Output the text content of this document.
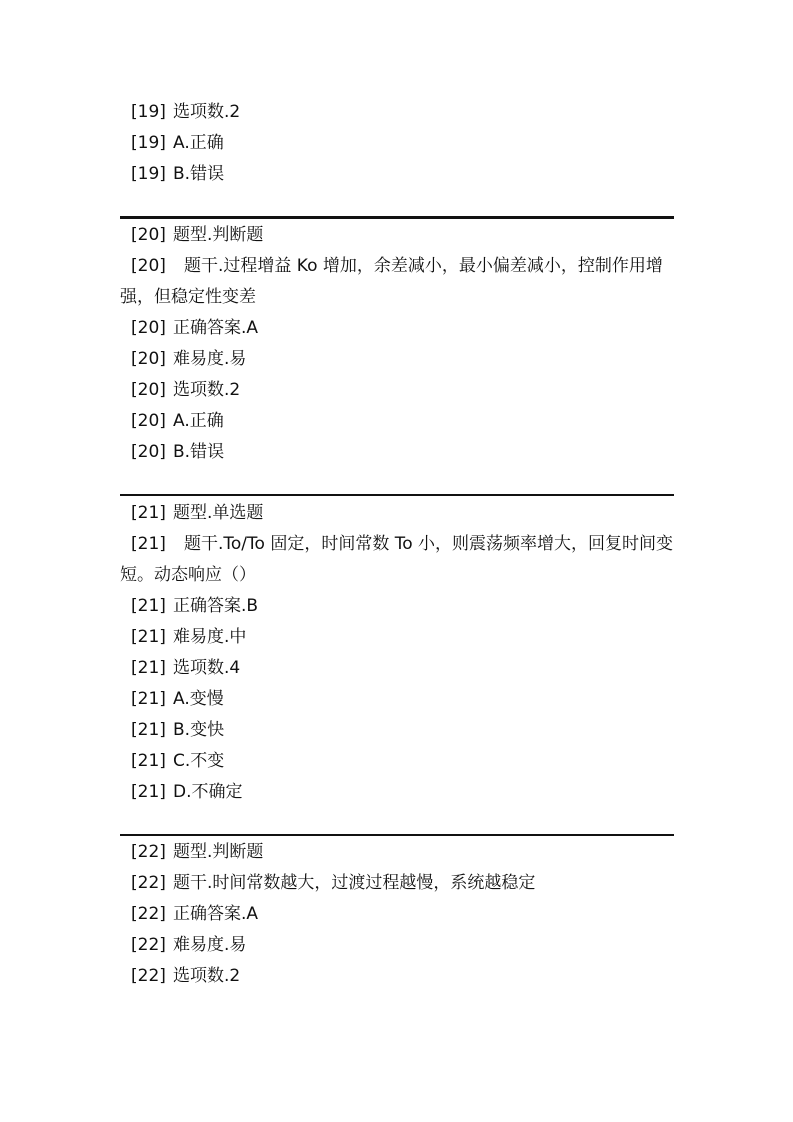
[19] 选项数.2
[19] A.正确
[19] B.错误
[20] 题型.判断题
[20] 题干.过程增益 Ko 增加，余差减小，最小偏差减小，控制作用增强，但稳定性变差
[20] 正确答案.A
[20] 难易度.易
[20] 选项数.2
[20] A.正确
[20] B.错误
[21] 题型.单选题
[21] 题干.To/To 固定，时间常数 To 小，则震荡频率增大，回复时间变短。动态响应（）
[21] 正确答案.B
[21] 难易度.中
[21] 选项数.4
[21] A.变慢
[21] B.变快
[21] C.不变
[21] D.不确定
[22] 题型.判断题
[22] 题干.时间常数越大，过渡过程越慢，系统越稳定
[22] 正确答案.A
[22] 难易度.易
[22] 选项数.2
